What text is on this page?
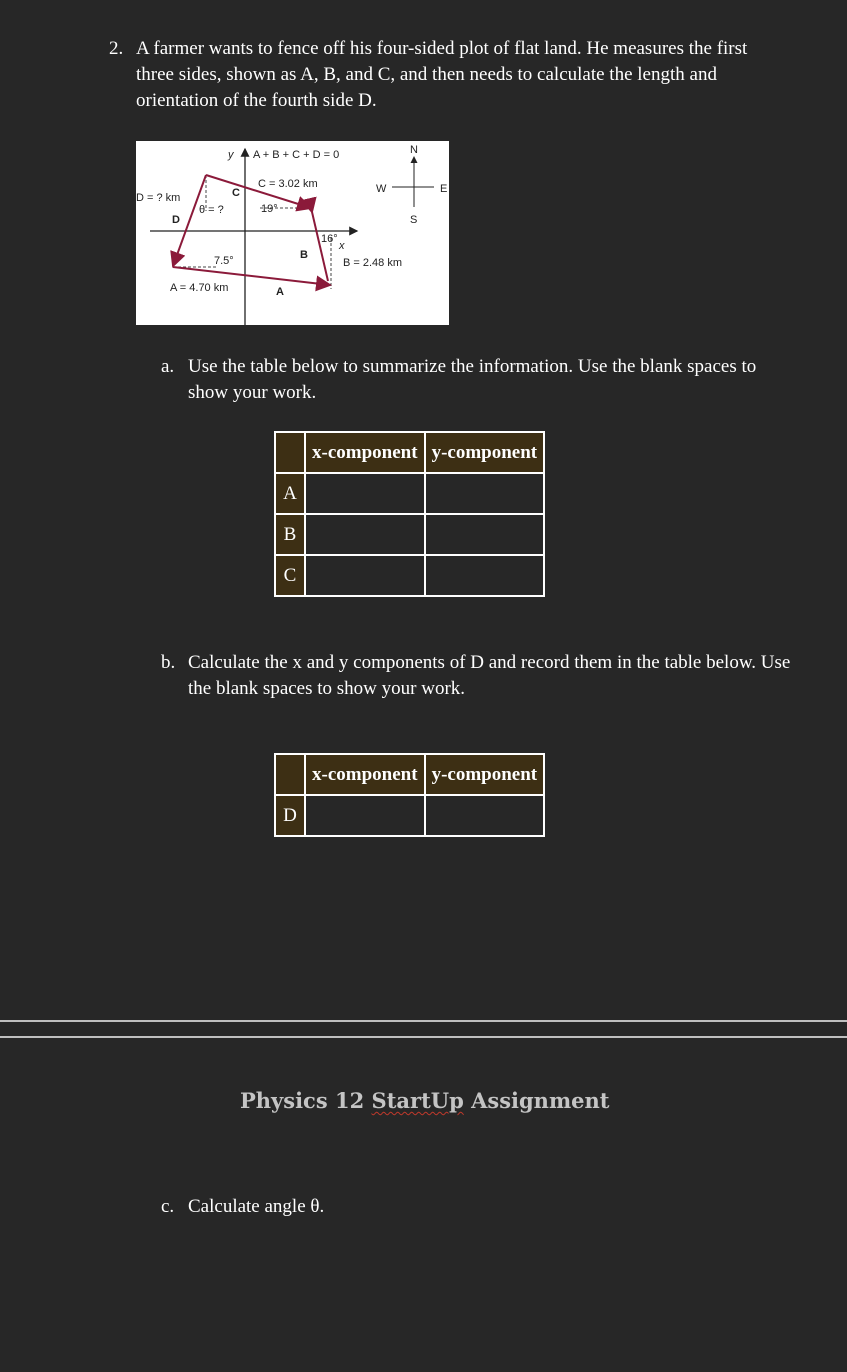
2. A farmer wants to fence off his four-sided plot of flat land. He measures the first three sides, shown as A, B, and C, and then needs to calculate the length and orientation of the fourth side D.
y A + B + C + D = 0	N
W	E
S
C = 3.02 km
D = ? km
D
C
θ = ?	19°
16°
x
B
B = 2.48 km
7.5°
A = 4.70 km	A
a. Use the table below to summarize the information. Use the blank spaces to show your work.
	x-component	y-component
A		
B		
C		
b. Calculate the x and y components of D and record them in the table below. Use the blank spaces to show your work.
	x-component	y-component
D		
Physics 12 StartUp Assignment
c. Calculate angle θ.
